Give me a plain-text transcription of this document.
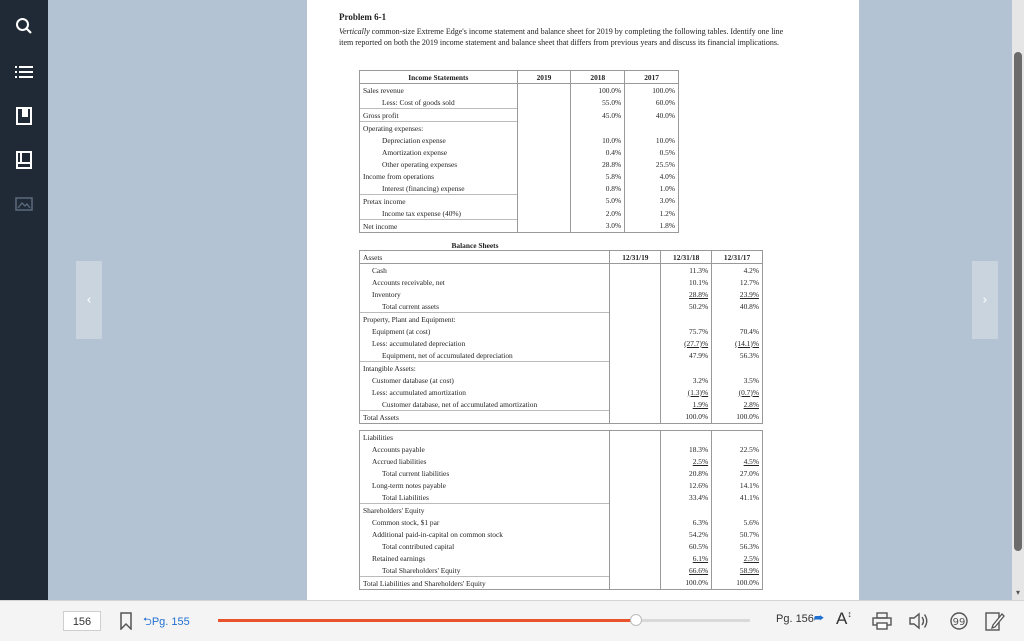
‹	›
Problem 6-1
Vertically common-size Extreme Edge's income statement and balance sheet for 2019 by completing the following tables. Identify one line item reported on both the 2019 income statement and balance sheet that differs from previous years and discuss its financial implications.
Income Statements	2019	2018	2017
Sales revenue		100.0%	100.0%
Less: Cost of goods sold		55.0%	60.0%
Gross profit		45.0%	40.0%
Operating expenses:			
Depreciation expense		10.0%	10.0%
Amortization expense		0.4%	0.5%
Other operating expenses		28.8%	25.5%
Income from operations		5.8%	4.0%
Interest (financing) expense		0.8%	1.0%
Pretax income		5.0%	3.0%
Income tax expense (40%)		2.0%	1.2%
Net income		3.0%	1.8%
Balance Sheets			
Assets	12/31/19	12/31/18	12/31/17
Cash		11.3%	4.2%
Accounts receivable, net		10.1%	12.7%
Inventory		28.8%	23.9%
Total current assets		50.2%	40.8%
Property, Plant and Equipment:			
Equipment (at cost)		75.7%	70.4%
Less: accumulated depreciation		(27.7)%	(14.1)%
Equipment, net of accumulated depreciation		47.9%	56.3%
Intangible Assets:			
Customer database (at cost)		3.2%	3.5%
Less: accumulated amortization		(1.3)%	(0.7)%
Customer database, net of accumulated amortization		1.9%	2.8%
Total Assets		100.0%	100.0%

Liabilities			
Accounts payable		18.3%	22.5%
Accrued liabilities		2.5%	4.5%
Total current liabilities		20.8%	27.0%
Long-term notes payable		12.6%	14.1%
Total Liabilities		33.4%	41.1%
Shareholders' Equity			
Common stock, $1 par		6.3%	5.6%
Additional paid-in-capital on common stock		54.2%	50.7%
Total contributed capital		60.5%	56.3%
Retained earnings		6.1%	2.5%
Total Shareholders' Equity		66.6%	58.9%
Total Liabilities and Shareholders' Equity		100.0%	100.0%
▾
156	⮌Pg. 155	Pg. 156⮫ A↕
99
